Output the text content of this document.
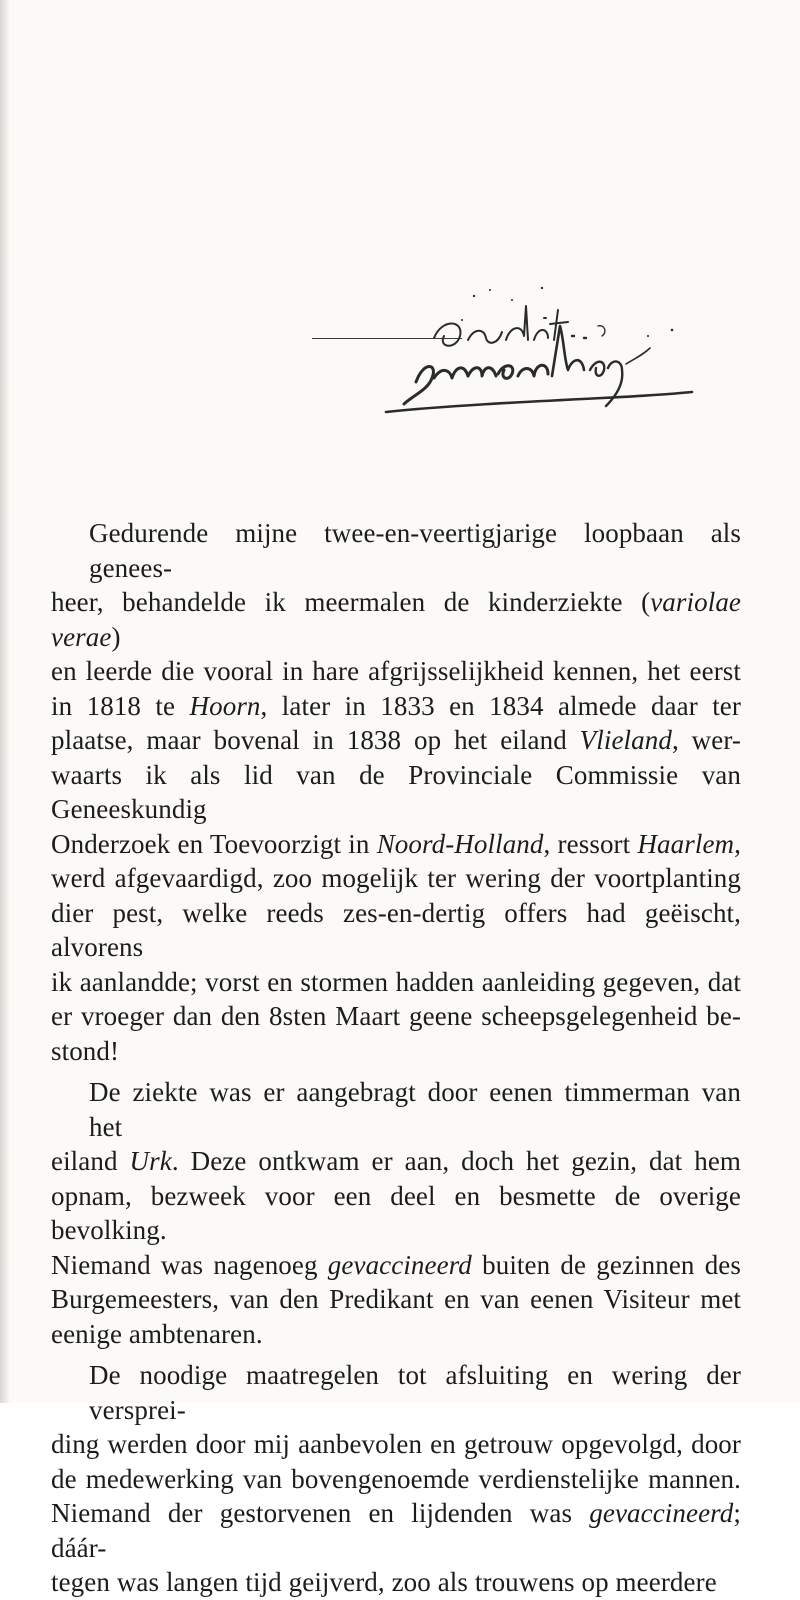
Gedurende mijne twee-en-veertigjarige loopbaan als genees-
heer, behandelde ik meermalen de kinderziekte (variolae verae)
en leerde die vooral in hare afgrijsselijkheid kennen, het eerst
in 1818 te Hoorn, later in 1833 en 1834 almede daar ter
plaatse, maar bovenal in 1838 op het eiland Vlieland, wer-
waarts ik als lid van de Provinciale Commissie van Geneeskundig
Onderzoek en Toevoorzigt in Noord-Holland, ressort Haarlem,
werd afgevaardigd, zoo mogelijk ter wering der voortplanting
dier pest, welke reeds zes-en-dertig offers had geëischt, alvorens
ik aanlandde; vorst en stormen hadden aanleiding gegeven, dat
er vroeger dan den 8sten Maart geene scheepsgelegenheid be-
stond!

De ziekte was er aangebragt door eenen timmerman van het
eiland Urk. Deze ontkwam er aan, doch het gezin, dat hem
opnam, bezweek voor een deel en besmette de overige bevolking.
Niemand was nagenoeg gevaccineerd buiten de gezinnen des
Burgemeesters, van den Predikant en van eenen Visiteur met
eenige ambtenaren.

De noodige maatregelen tot afsluiting en wering der versprei-
ding werden door mij aanbevolen en getrouw opgevolgd, door
de medewerking van bovengenoemde verdienstelijke mannen.
Niemand der gestorvenen en lijdenden was gevaccineerd; dáár-
tegen was langen tijd geijverd, zoo als trouwens op meerdere
